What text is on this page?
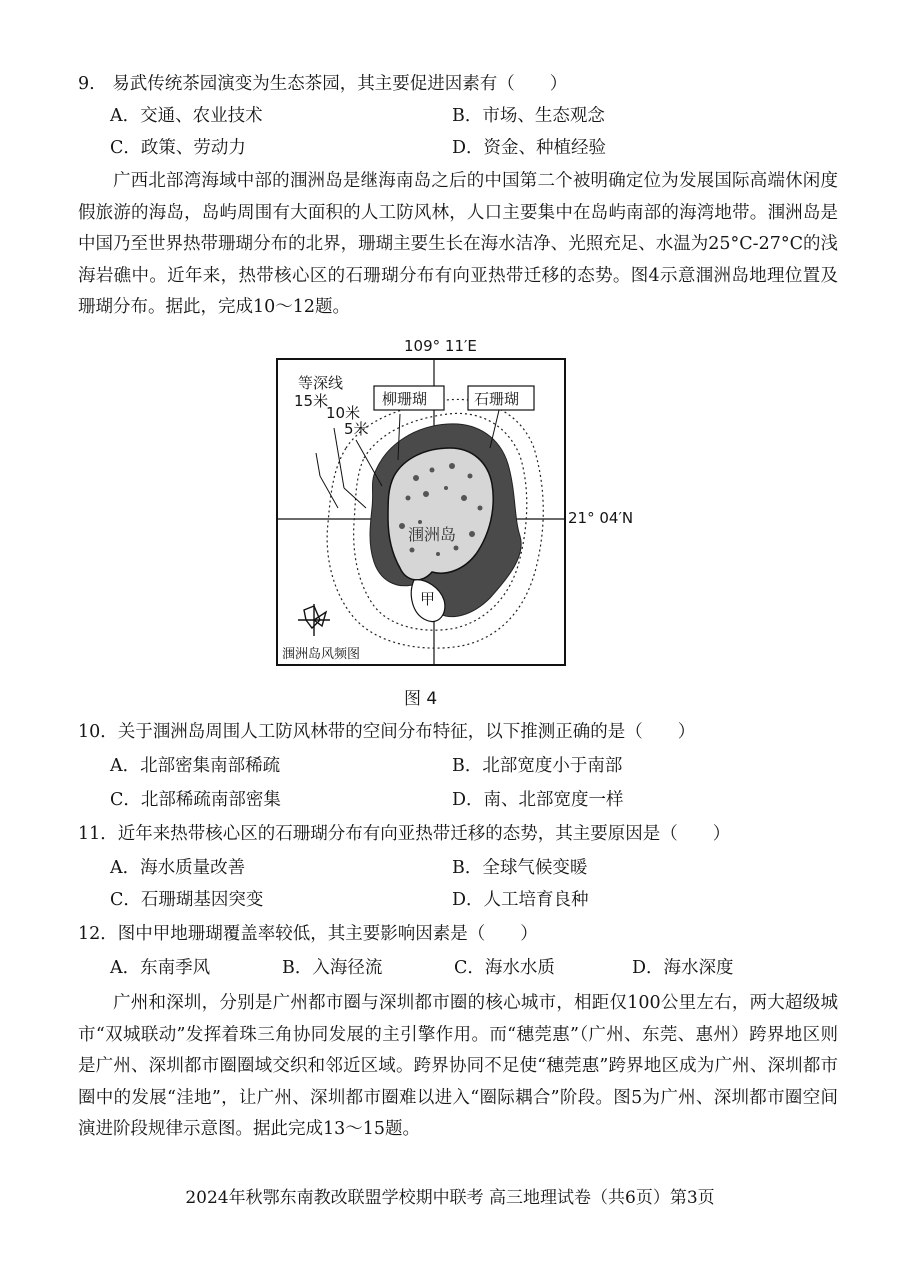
9.　易武传统茶园演变为生态茶园，其主要促进因素有（　　）
A．交通、农业技术	B．市场、生态观念
C．政策、劳动力	D．资金、种植经验

广西北部湾海域中部的涠洲岛是继海南岛之后的中国第二个被明确定位为发展国际高端休闲度假旅游的海岛，岛屿周围有大面积的人工防风林，人口主要集中在岛屿南部的海湾地带。涠洲岛是中国乃至世界热带珊瑚分布的北界，珊瑚主要生长在海水洁净、光照充足、水温为25°C-27°C的浅海岩礁中。近年来，热带核心区的石珊瑚分布有向亚热带迁移的态势。图4示意涠洲岛地理位置及珊瑚分布。据此，完成10～12题。

109° 11′E
21° 04′N
等深线
15米
10米
5米
柳珊瑚	石珊瑚
涠洲岛
甲
涠洲岛风频图
图 4
10．关于涠洲岛周围人工防风林带的空间分布特征，以下推测正确的是（　　）
A．北部密集南部稀疏	B．北部宽度小于南部
C．北部稀疏南部密集	D．南、北部宽度一样
11．近年来热带核心区的石珊瑚分布有向亚热带迁移的态势，其主要原因是（　　）
A．海水质量改善	B．全球气候变暖
C．石珊瑚基因突变	D．人工培育良种
12．图中甲地珊瑚覆盖率较低，其主要影响因素是（　　）
A．东南季风	B．入海径流	C．海水水质	D．海水深度

广州和深圳，分别是广州都市圈与深圳都市圈的核心城市，相距仅100公里左右，两大超级城市“双城联动”发挥着珠三角协同发展的主引擎作用。而“穗莞惠”（广州、东莞、惠州）跨界地区则是广州、深圳都市圈圈域交织和邻近区域。跨界协同不足使“穗莞惠”跨界地区成为广州、深圳都市圈中的发展“洼地”，让广州、深圳都市圈难以进入“圈际耦合”阶段。图5为广州、深圳都市圈空间演进阶段规律示意图。据此完成13～15题。

2024年秋鄂东南教改联盟学校期中联考 高三地理试卷（共6页）第3页
